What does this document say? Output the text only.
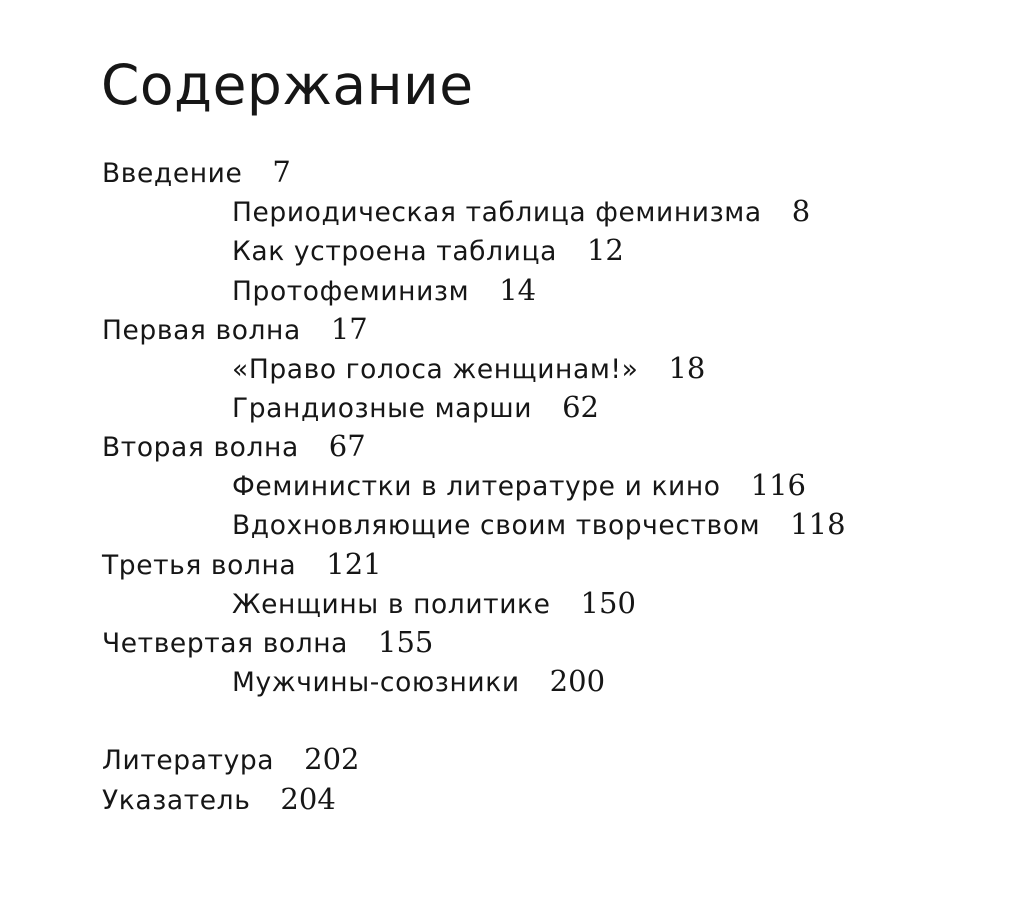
Содержание
Введение 7
Периодическая таблица феминизма 8
Как устроена таблица 12
Протофеминизм 14
Первая волна 17
«Право голоса женщинам!» 18
Грандиозные марши 62
Вторая волна 67
Феминистки в литературе и кино 116
Вдохновляющие своим творчеством 118
Третья волна 121
Женщины в политике 150
Четвертая волна 155
Мужчины-союзники 200
Литература 202
Указатель 204
